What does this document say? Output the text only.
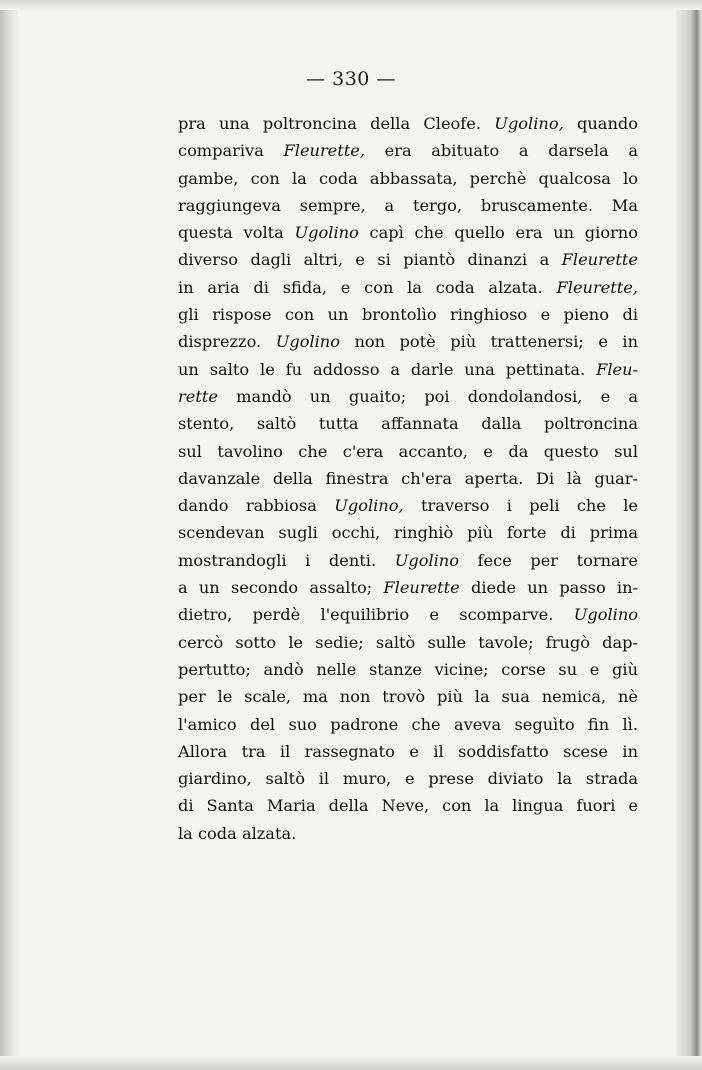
— 330 —
pra una poltroncina della Cleofe. Ugolino, quando
compariva Fleurette, era abituato a darsela a
gambe, con la coda abbassata, perchè qualcosa lo
raggiungeva sempre, a tergo, bruscamente. Ma
questa volta Ugolino capì che quello era un giorno
diverso dagli altri, e si piantò dinanzi a Fleurette
in aria di sfida, e con la coda alzata. Fleurette,
gli rispose con un brontolìo ringhioso e pieno di
disprezzo. Ugolino non potè più trattenersi; e in
un salto le fu addosso a darle una pettinata. Fleu-
rette mandò un guaito; poi dondolandosi, e a
stento, saltò tutta affannata dalla poltroncina
sul tavolino che c'era accanto, e da questo sul
davanzale della finestra ch'era aperta. Di là guar-
dando rabbiosa Ugolino, traverso i peli che le
scendevan sugli occhi, ringhiò più forte di prima
mostrandogli i denti. Ugolino fece per tornare
a un secondo assalto; Fleurette diede un passo in-
dietro, perdè l'equilibrio e scomparve. Ugolino
cercò sotto le sedie; saltò sulle tavole; frugò dap-
pertutto; andò nelle stanze vicine; corse su e giù
per le scale, ma non trovò più la sua nemica, nè
l'amico del suo padrone che aveva seguìto fin lì.
Allora tra il rassegnato e il soddisfatto scese in
giardino, saltò il muro, e prese diviato la strada
di Santa Maria della Neve, con la lingua fuori e
la coda alzata.
